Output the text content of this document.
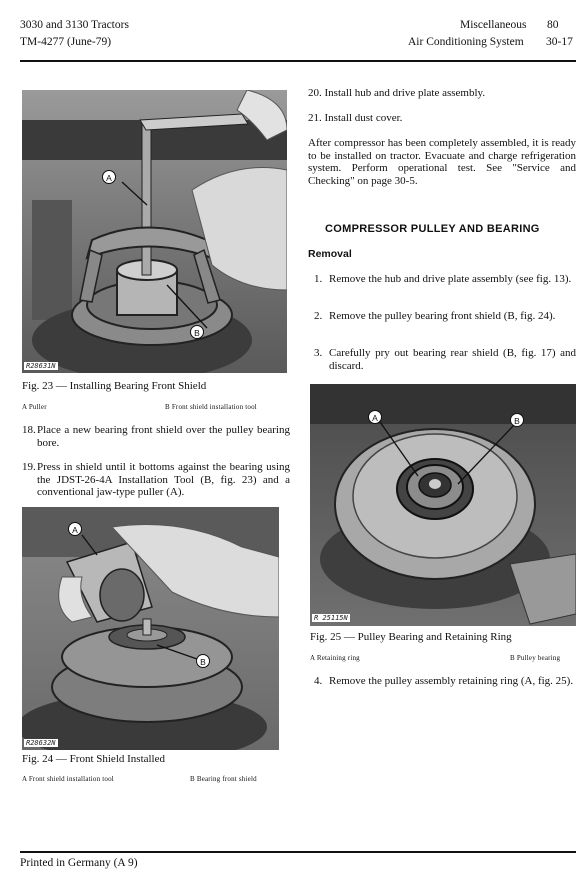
3030 and 3130 Tractors
TM-4277 (June-79)
Miscellaneous 80
Air Conditioning System 30-17
A
B
R28631N
Fig. 23 — Installing Bearing Front Shield
A Puller	B Front shield installation tool
18. Place a new bearing front shield over the pulley bearing bore.
19. Press in shield until it bottoms against the bearing using the JDST-26-4A Installation Tool (B, fig. 23) and a conventional jaw-type puller (A).
A
B
R28632N
Fig. 24 — Front Shield Installed
A Front shield installation tool	B Bearing front shield
20. Install hub and drive plate assembly.
21. Install dust cover.
After compressor has been completely assembled, it is ready to be installed on tractor. Evacuate and charge refrigeration system. Perform operational test. See "Service and Checking" on page 30-5.
COMPRESSOR PULLEY AND BEARING
Removal
1. Remove the hub and drive plate assembly (see fig. 13).
2. Remove the pulley bearing front shield (B, fig. 24).
3. Carefully pry out bearing rear shield (B, fig. 17) and discard.
A	B
R 25115N
Fig. 25 — Pulley Bearing and Retaining Ring
A Retaining ring	B Pulley bearing
4. Remove the pulley assembly retaining ring (A, fig. 25).
Printed in Germany (A 9)
